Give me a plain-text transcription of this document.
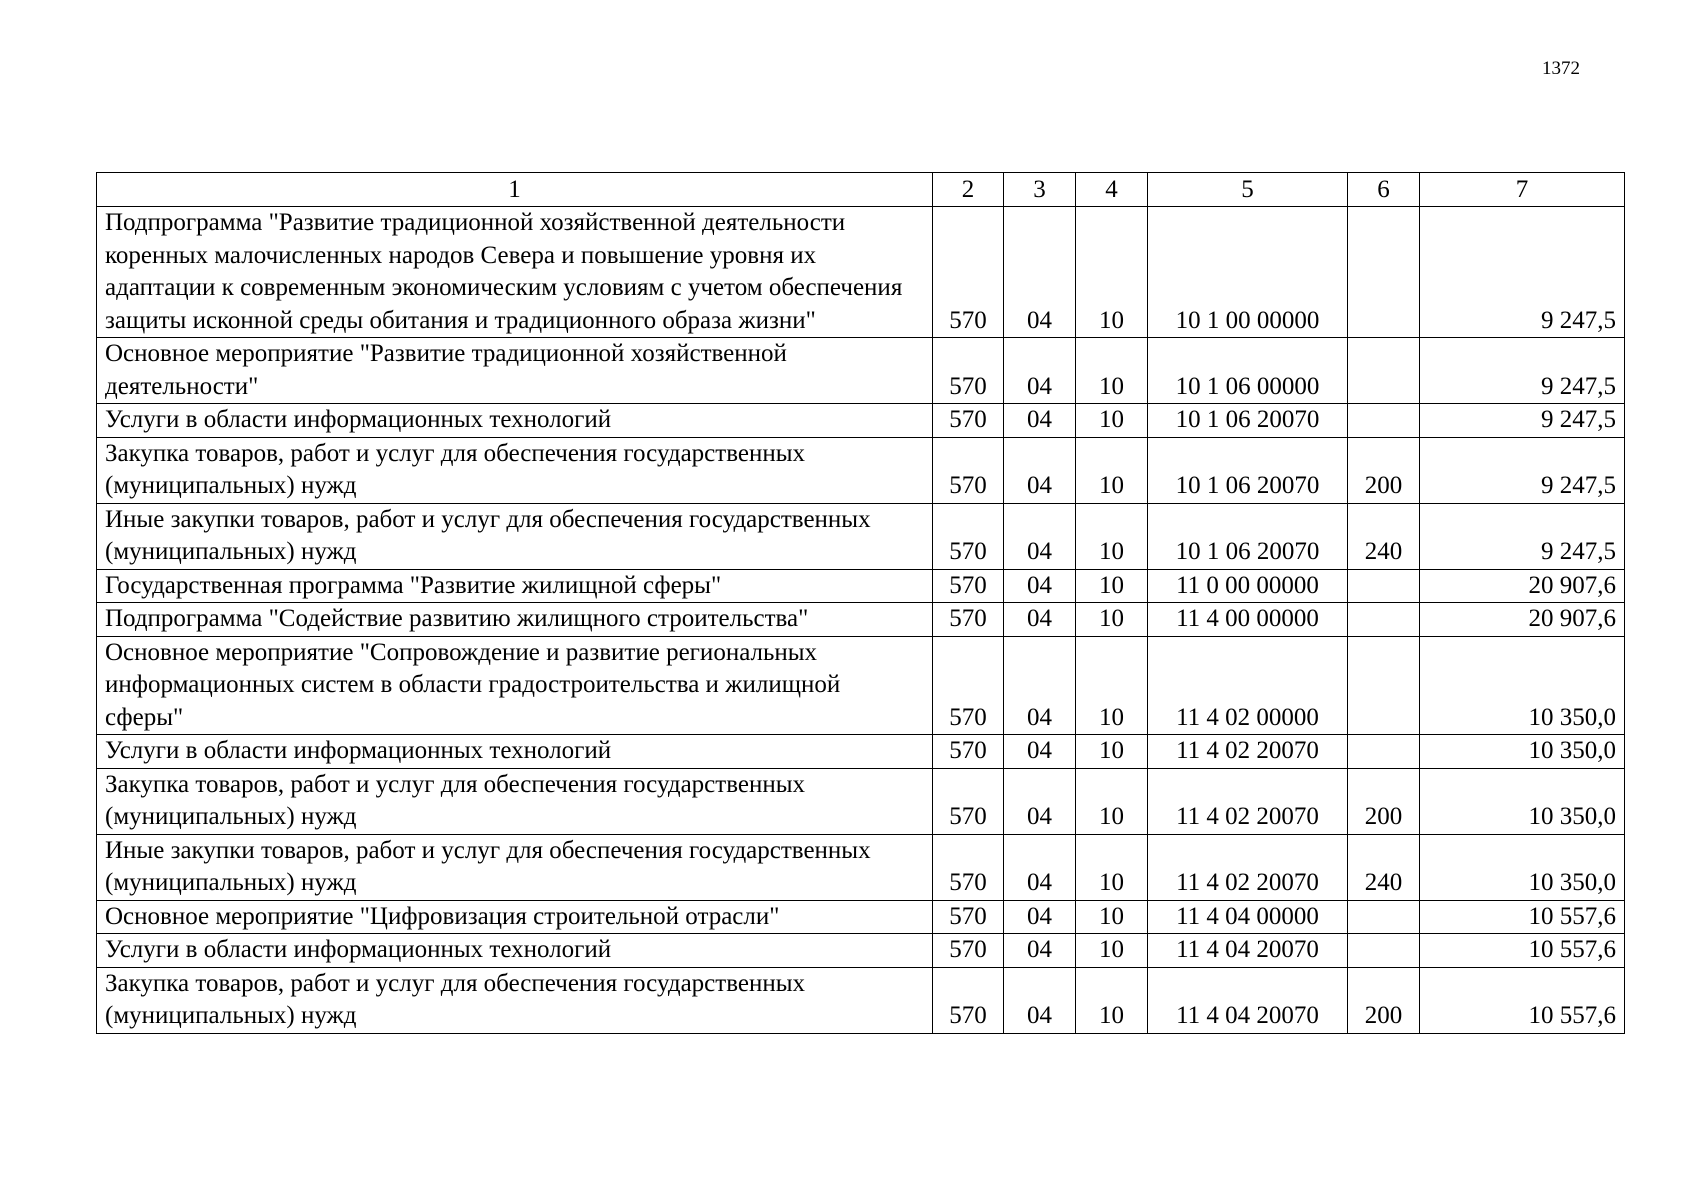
1372
1	2	3	4	5	6	7
Подпрограмма "Развитие традиционной хозяйственной деятельности коренных малочисленных народов Севера и повышение уровня их адаптации к современным экономическим условиям с учетом обеспечения защиты исконной среды обитания и традиционного образа жизни"	570	04	10	10 1 00 00000		9 247,5
Основное мероприятие "Развитие традиционной хозяйственной деятельности"	570	04	10	10 1 06 00000		9 247,5
Услуги в области информационных технологий	570	04	10	10 1 06 20070		9 247,5
Закупка товаров, работ и услуг для обеспечения государственных (муниципальных) нужд	570	04	10	10 1 06 20070	200	9 247,5
Иные закупки товаров, работ и услуг для обеспечения государственных (муниципальных) нужд	570	04	10	10 1 06 20070	240	9 247,5
Государственная программа "Развитие жилищной сферы"	570	04	10	11 0 00 00000		20 907,6
Подпрограмма "Содействие развитию жилищного строительства"	570	04	10	11 4 00 00000		20 907,6
Основное мероприятие "Сопровождение и развитие региональных информационных систем в области градостроительства и жилищной сферы"	570	04	10	11 4 02 00000		10 350,0
Услуги в области информационных технологий	570	04	10	11 4 02 20070		10 350,0
Закупка товаров, работ и услуг для обеспечения государственных (муниципальных) нужд	570	04	10	11 4 02 20070	200	10 350,0
Иные закупки товаров, работ и услуг для обеспечения государственных (муниципальных) нужд	570	04	10	11 4 02 20070	240	10 350,0
Основное мероприятие "Цифровизация строительной отрасли"	570	04	10	11 4 04 00000		10 557,6
Услуги в области информационных технологий	570	04	10	11 4 04 20070		10 557,6
Закупка товаров, работ и услуг для обеспечения государственных (муниципальных) нужд	570	04	10	11 4 04 20070	200	10 557,6
